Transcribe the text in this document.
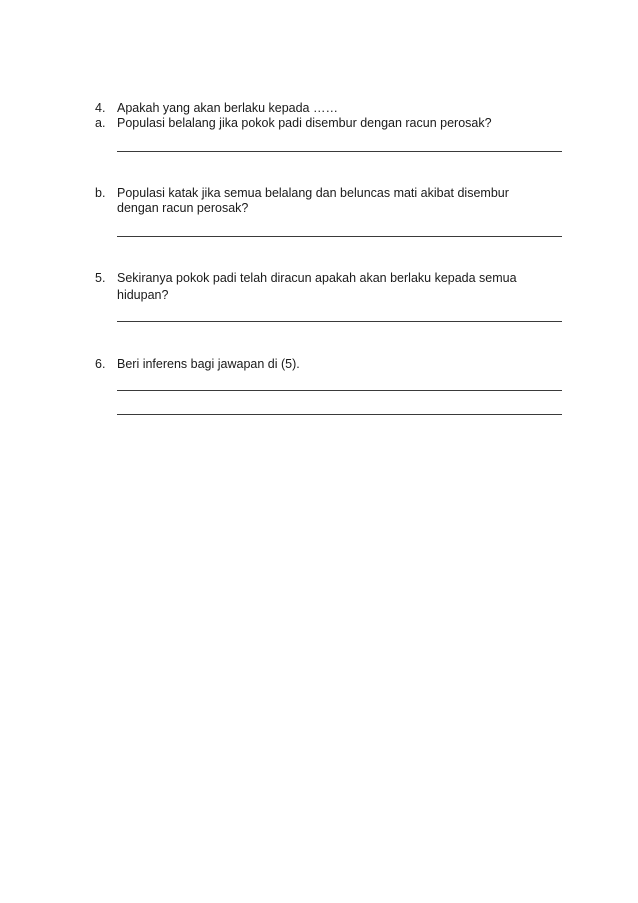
4. Apakah yang akan berlaku kepada ……
a. Populasi belalang jika pokok padi disembur dengan racun perosak?
b. Populasi katak jika semua belalang dan beluncas mati akibat disembur
dengan racun perosak?
5. Sekiranya pokok padi telah diracun apakah akan berlaku kepada semua
hidupan?
6. Beri inferens bagi jawapan di (5).
